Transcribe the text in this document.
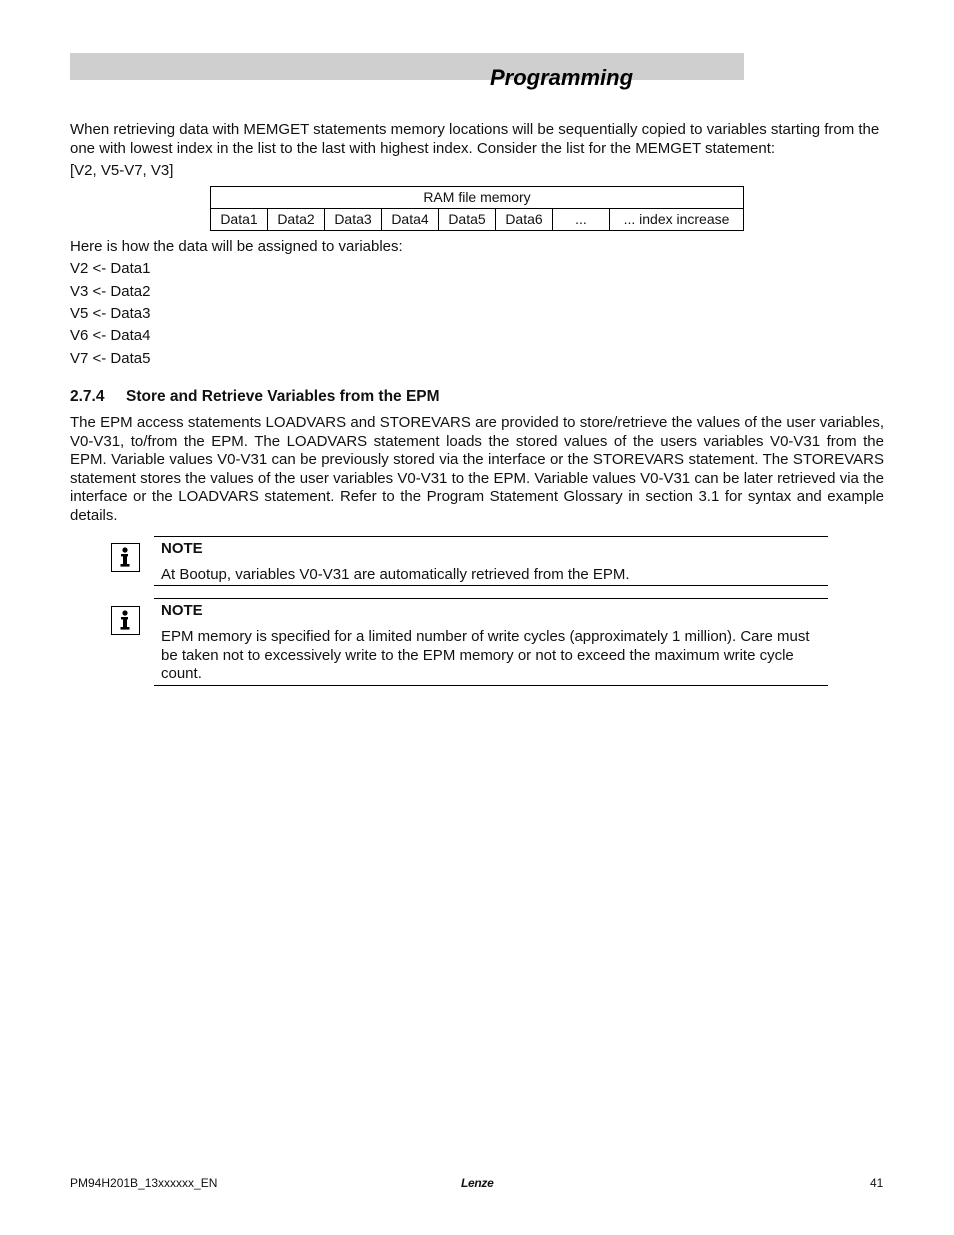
Programming

When retrieving data with MEMGET statements memory locations will be sequentially copied to variables starting from the one with lowest index in the list to the last with highest index. Consider the list for the MEMGET statement:

[V2, V5-V7, V3]

RAM file memory
Data1	Data2	Data3	Data4	Data5	Data6	...	... index increase

Here is how the data will be assigned to variables:

V2 <- Data1

V3 <- Data2

V5 <- Data3

V6 <- Data4

V7 <- Data5

2.7.4 Store and Retrieve Variables from the EPM

The EPM access statements LOADVARS and STOREVARS are provided to store/retrieve the values of the user variables, V0-V31, to/from the EPM. The LOADVARS statement loads the stored values of the users variables V0-V31 from the EPM. Variable values V0-V31 can be previously stored via the interface or the STOREVARS statement. The STOREVARS statement stores the values of the user variables V0-V31 to the EPM. Variable values V0-V31 can be later retrieved via the interface or the LOADVARS statement. Refer to the Program Statement Glossary in section 3.1 for syntax and example details.

NOTE

At Bootup, variables V0-V31 are automatically retrieved from the EPM.

NOTE

EPM memory is specified for a limited number of write cycles (approximately 1 million). Care must be taken not to excessively write to the EPM memory or not to exceed the maximum write cycle count.

PM94H201B_13xxxxxx_EN	Lenze	41
